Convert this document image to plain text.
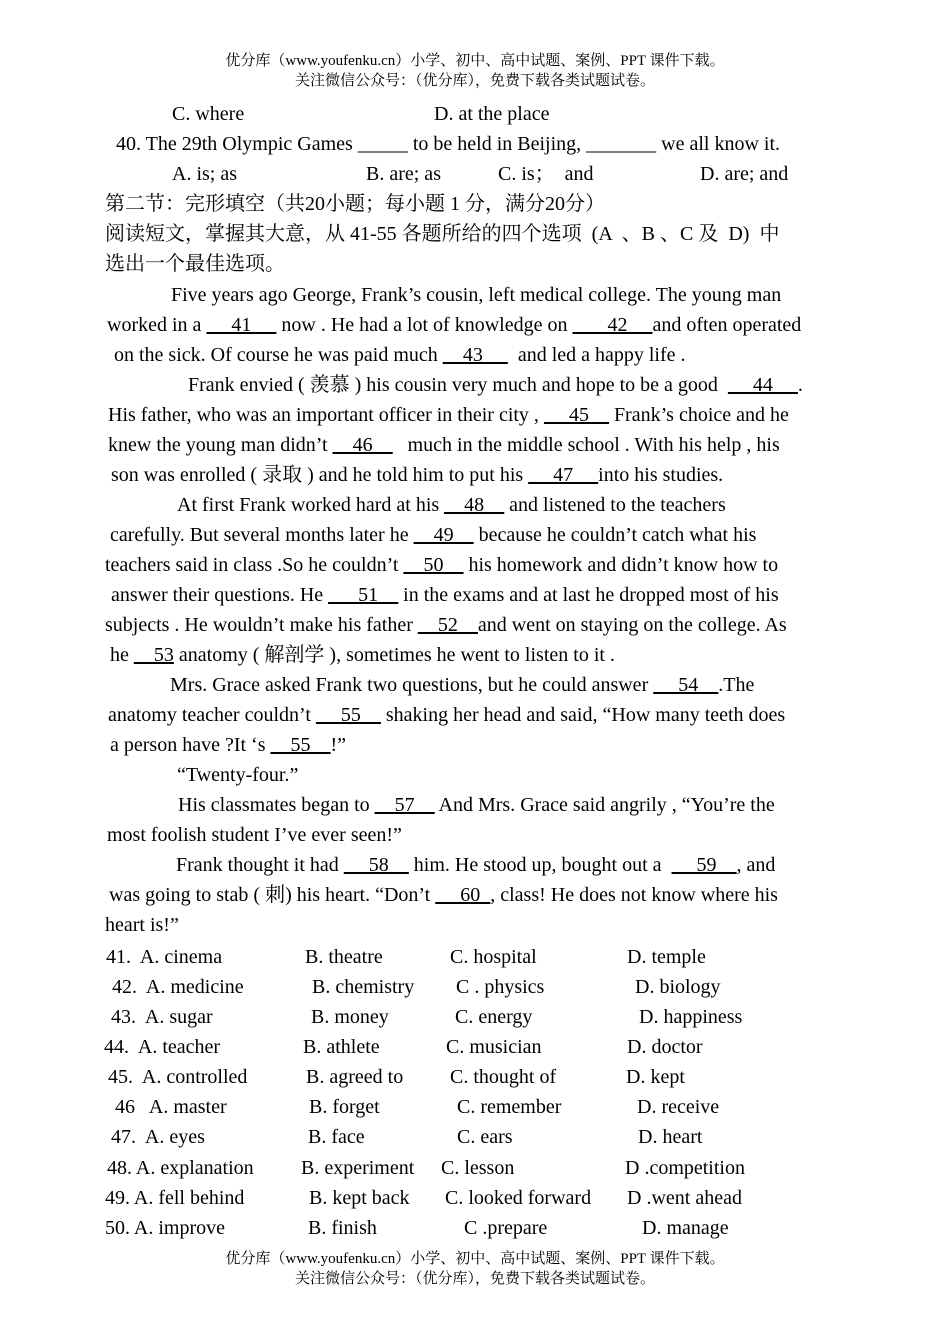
优分库（www.youfenku.cn）小学、初中、高中试题、案例、PPT 课件下载。
关注微信公众号：（优分库），免费下载各类试题试卷。
C. where	D. at the place
40. The 29th Olympic Games _____ to be held in Beijing, _______ we all know it.
A. is; as	B. are; as	C. is；  and	D. are; and
第二节：完形填空（共20小题；每小题 1 分，满分20分）
阅读短文，掌握其大意，从 41-55 各题所给的四个选项  (A  、B 、C 及  D)  中
选出一个最佳选项。
Five years ago George, Frank’s cousin, left medical college. The young man
worked in a  __41__  now . He had a lot of knowledge on  ___42__ and often operated
on the sick. Of course he was paid much __43__   and led a happy life .
Frank envied ( 羡慕 ) his cousin very much and hope to be a good   __44__ .
His father, who was an important officer in their city ,  __45__ Frank’s choice and he
knew the young man didn’t __46__   much in the middle school . With his help , his
son was enrolled ( 录取 ) and he told him to put his  __47__ into his studies.
At first Frank worked hard at his __48__ and listened to the teachers
carefully. But several months later he __49__ because he couldn’t catch what his
teachers said in class .So he couldn’t __50__ his homework and didn’t know how to
answer their questions. He ___51__ in the exams and at last he dropped most of his
subjects . He wouldn’t make his father __52__and went on staying on the college. As
he __53 anatomy ( 解剖学 ), sometimes he went to listen to it .
Mrs. Grace asked Frank two questions, but he could answer  __54__.The
anatomy teacher couldn’t  __55__ shaking her head and said, “How many teeth does
a person have ?It ‘s __55__!”
“Twenty-four.”
His classmates began to __57__ And Mrs. Grace said angrily , “You’re the
most foolish student I’ve ever seen!”
Frank thought it had  __58__ him. He stood up, bought out a   __59__, and
was going to stab ( 刺) his heart. “Don’t  __60_, class! He does not know where his
heart is!”
41.  A. cinema	B. theatre	C. hospital	D. temple
42.  A. medicine	B. chemistry C . physics	D. biology
43.  A. sugar	B. money	C. energy	D. happiness
44.  A. teacher	B. athlete	C. musician	D. doctor
45.  A. controlled	B. agreed to C. thought of	D. kept
46   A. master	B. forget	C. remember	D. receive
47.  A. eyes	B. face	C. ears	D. heart
48. A. explanation B. experiment C. lesson	D .competition
49. A. fell behind	B. kept back C. looked forward D .went ahead
50. A. improve	B. finish	C .prepare	D. manage
优分库（www.youfenku.cn）小学、初中、高中试题、案例、PPT 课件下载。
关注微信公众号：（优分库），免费下载各类试题试卷。
